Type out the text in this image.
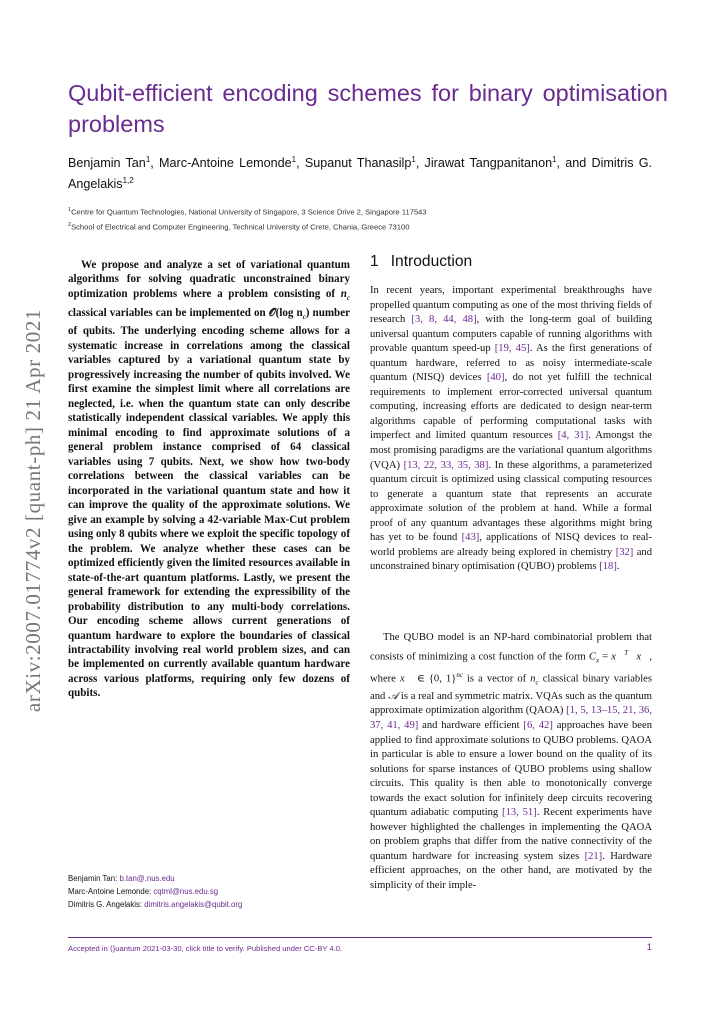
arXiv:2007.01774v2 [quant-ph] 21 Apr 2021
Qubit-efficient encoding schemes for binary optimisation problems
Benjamin Tan$^1$, Marc-Antoine Lemonde$^1$, Supanut Thanasilp$^1$, Jirawat Tangpanitanon$^1$, and Dimitris G. Angelakis$^{1,2}$
$^1$Centre for Quantum Technologies, National University of Singapore, 3 Science Drive 2, Singapore 117543
$^2$School of Electrical and Computer Engineering, Technical University of Crete, Chania, Greece 73100

We propose and analyze a set of variational quantum algorithms for solving quadratic unconstrained binary optimization problems where a problem consisting of $n_c$ classical variables can be implemented on 𝒪(log $n_c$) number of qubits. The underlying encoding scheme allows for a systematic increase in correlations among the classical variables captured by a variational quantum state by progressively increasing the number of qubits involved. We first examine the simplest limit where all correlations are neglected, i.e. when the quantum state can only describe statistically independent classical variables. We apply this minimal encoding to find approximate solutions of a general problem instance comprised of 64 classical variables using 7 qubits. Next, we show how two-body correlations between the classical variables can be incorporated in the variational quantum state and how it can improve the quality of the approximate solutions. We give an example by solving a 42-variable Max-Cut problem using only 8 qubits where we exploit the specific topology of the problem. We analyze whether these cases can be optimized efficiently given the limited resources available in state-of-the-art quantum platforms. Lastly, we present the general framework for extending the expressibility of the probability distribution to any multi-body correlations. Our encoding scheme allows current generations of quantum hardware to explore the boundaries of classical intractability involving real world problem sizes, and can be implemented on currently available quantum hardware across various platforms, requiring only few dozens of qubits.

Benjamin Tan: b.tan@.nus.edu
Marc-Antoine Lemonde: cqtml@nus.edu.sg
Dimitris G. Angelakis: dimitris.angelakis@qubit.org
1 Introduction

In recent years, important experimental breakthroughs have propelled quantum computing as one of the most thriving fields of research [3, 8, 44, 48], with the long-term goal of building universal quantum computers capable of running algorithms with provable quantum speed-up [19, 45]. As the first generations of quantum hardware, referred to as noisy intermediate-scale quantum (NISQ) devices [40], do not yet fulfill the technical requirements to implement error-corrected universal quantum computing, increasing efforts are dedicated to design near-term algorithms capable of performing computational tasks with imperfect and limited quantum resources [4, 31]. Amongst the most promising paradigms are the variational quantum algorithms (VQA) [13, 22, 33, 35, 38]. In these algorithms, a parameterized quantum circuit is optimized using classical computing resources to generate a quantum state that represents an accurate approximate solution of the problem at hand. While a formal proof of any quantum advantages these algorithms might bring has yet to be found [43], applications of NISQ devices to real-world problems are already being explored in chemistry [32] and unconstrained binary optimisation (QUBO) problems [18].

The QUBO model is an NP-hard combinatorial problem that consists of minimizing a cost function of the form $C_x$ = x⃗$^T$𝒜x⃗, where x⃗ ∈ {0, 1}$^{nc}$ is a vector of $n_c$ classical binary variables and 𝒜 is a real and symmetric matrix. VQAs such as the quantum approximate optimization algorithm (QAOA) [1, 5, 13–15, 21, 36, 37, 41, 49] and hardware efficient [6, 42] approaches have been applied to find approximate solutions to QUBO problems. QAOA in particular is able to ensure a lower bound on the quality of its solutions for sparse instances of QUBO problems using shallow circuits. This quality is then able to monotonically converge towards the exact solution for infinitely deep circuits recovering quantum adiabatic computing [13, 51]. Recent experiments have however highlighted the challenges in implementing the QAOA on problem graphs that differ from the native connectivity of the quantum hardware for increasing system sizes [21]. Hardware efficient approaches, on the other hand, are motivated by the simplicity of their imple-

Accepted in ⟨}uantum 2021-03-30, click title to verify. Published under CC-BY 4.0.	1
